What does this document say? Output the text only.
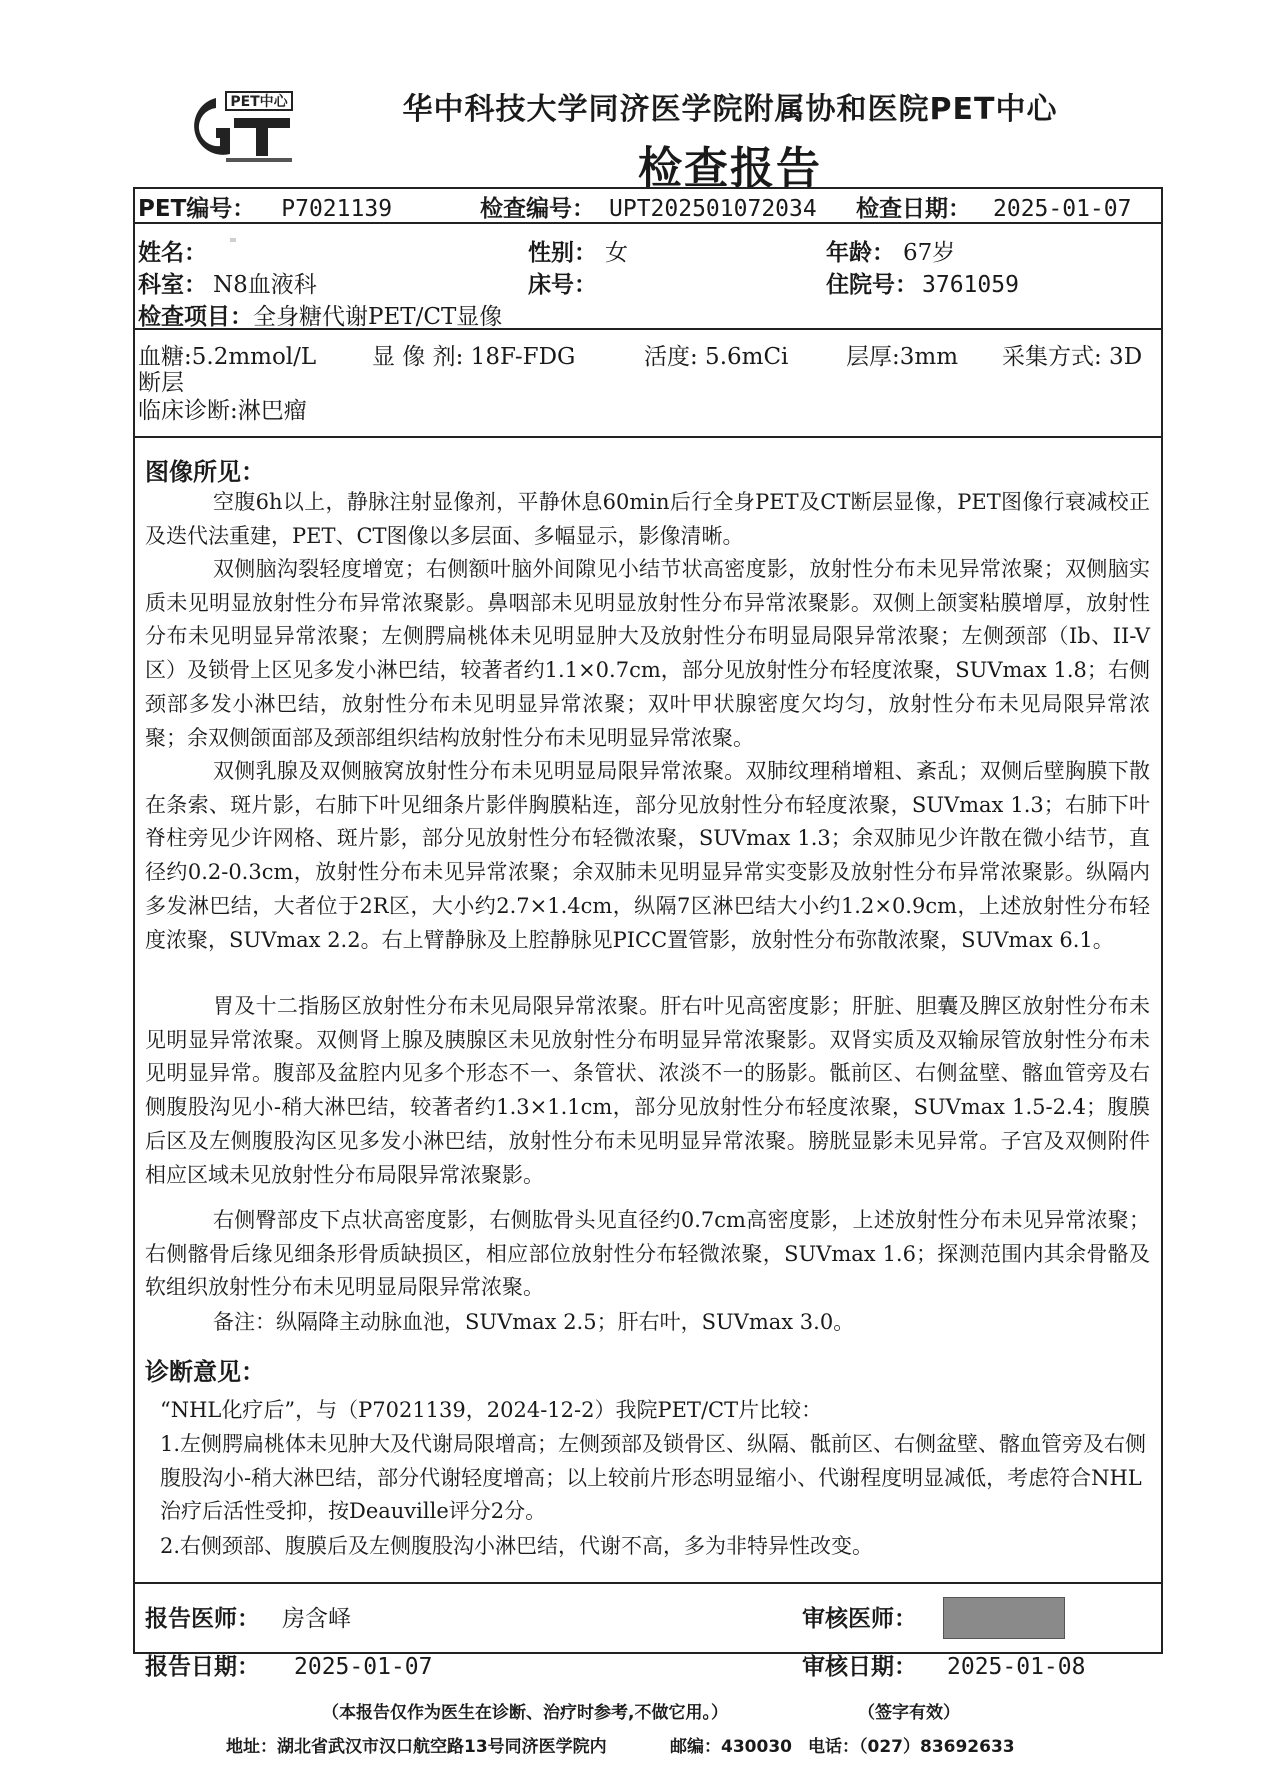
PET中心	华中科技大学同济医学院附属协和医院PET中心
检查报告
PET编号： P7021139	检查编号： UPT202501072034 检查日期： 2025-01-07
姓名：	性别： 女	年龄： 67岁
科室： N8血液科	床号：	住院号： 3761059
检查项目：全身糖代谢PET/CT显像
血糖:5.2mmol/L 显 像 剂: 18F-FDG	活度: 5.6mCi	层厚:3mm 采集方式: 3D
断层
临床诊断:淋巴瘤
图像所见：

空腹6h以上，静脉注射显像剂，平静休息60min后行全身PET及CT断层显像，PET图像行衰减校正及迭代法重建，PET、CT图像以多层面、多幅显示，影像清晰。

双侧脑沟裂轻度增宽；右侧额叶脑外间隙见小结节状高密度影，放射性分布未见异常浓聚；双侧脑实质未见明显放射性分布异常浓聚影。鼻咽部未见明显放射性分布异常浓聚影。双侧上颌窦粘膜增厚，放射性分布未见明显异常浓聚；左侧腭扁桃体未见明显肿大及放射性分布明显局限异常浓聚；左侧颈部（Ib、II-V区）及锁骨上区见多发小淋巴结，较著者约1.1×0.7cm，部分见放射性分布轻度浓聚，SUVmax 1.8；右侧颈部多发小淋巴结，放射性分布未见明显异常浓聚；双叶甲状腺密度欠均匀，放射性分布未见局限异常浓聚；余双侧颌面部及颈部组织结构放射性分布未见明显异常浓聚。

双侧乳腺及双侧腋窝放射性分布未见明显局限异常浓聚。双肺纹理稍增粗、紊乱；双侧后壁胸膜下散在条索、斑片影，右肺下叶见细条片影伴胸膜粘连，部分见放射性分布轻度浓聚，SUVmax 1.3；右肺下叶脊柱旁见少许网格、斑片影，部分见放射性分布轻微浓聚，SUVmax 1.3；余双肺见少许散在微小结节，直径约0.2-0.3cm，放射性分布未见异常浓聚；余双肺未见明显异常实变影及放射性分布异常浓聚影。纵隔内多发淋巴结，大者位于2R区，大小约2.7×1.4cm，纵隔7区淋巴结大小约1.2×0.9cm，上述放射性分布轻度浓聚，SUVmax 2.2。右上臂静脉及上腔静脉见PICC置管影，放射性分布弥散浓聚，SUVmax 6.1。

胃及十二指肠区放射性分布未见局限异常浓聚。肝右叶见高密度影；肝脏、胆囊及脾区放射性分布未见明显异常浓聚。双侧肾上腺及胰腺区未见放射性分布明显异常浓聚影。双肾实质及双输尿管放射性分布未见明显异常。腹部及盆腔内见多个形态不一、条管状、浓淡不一的肠影。骶前区、右侧盆壁、髂血管旁及右侧腹股沟见小-稍大淋巴结，较著者约1.3×1.1cm，部分见放射性分布轻度浓聚，SUVmax 1.5-2.4；腹膜后区及左侧腹股沟区见多发小淋巴结，放射性分布未见明显异常浓聚。膀胱显影未见异常。子宫及双侧附件相应区域未见放射性分布局限异常浓聚影。

右侧臀部皮下点状高密度影，右侧肱骨头见直径约0.7cm高密度影，上述放射性分布未见异常浓聚；右侧髂骨后缘见细条形骨质缺损区，相应部位放射性分布轻微浓聚，SUVmax 1.6；探测范围内其余骨骼及软组织放射性分布未见明显局限异常浓聚。

备注：纵隔降主动脉血池，SUVmax 2.5；肝右叶，SUVmax 3.0。

诊断意见：

“NHL化疗后”，与（P7021139，2024-12-2）我院PET/CT片比较：

1.左侧腭扁桃体未见肿大及代谢局限增高；左侧颈部及锁骨区、纵隔、骶前区、右侧盆壁、髂血管旁及右侧腹股沟小-稍大淋巴结，部分代谢轻度增高；以上较前片形态明显缩小、代谢程度明显减低，考虑符合NHL治疗后活性受抑，按Deauville评分2分。

2.右侧颈部、腹膜后及左侧腹股沟小淋巴结，代谢不高，多为非特异性改变。

报告医师： 房含峄	审核医师：
报告日期： 2025-01-07	审核日期： 2025-01-08
（本报告仅作为医生在诊断、治疗时参考,不做它用。）	（签字有效）
地址：湖北省武汉市汉口航空路13号同济医学院内	邮编：430030 电话：（027）83692633
